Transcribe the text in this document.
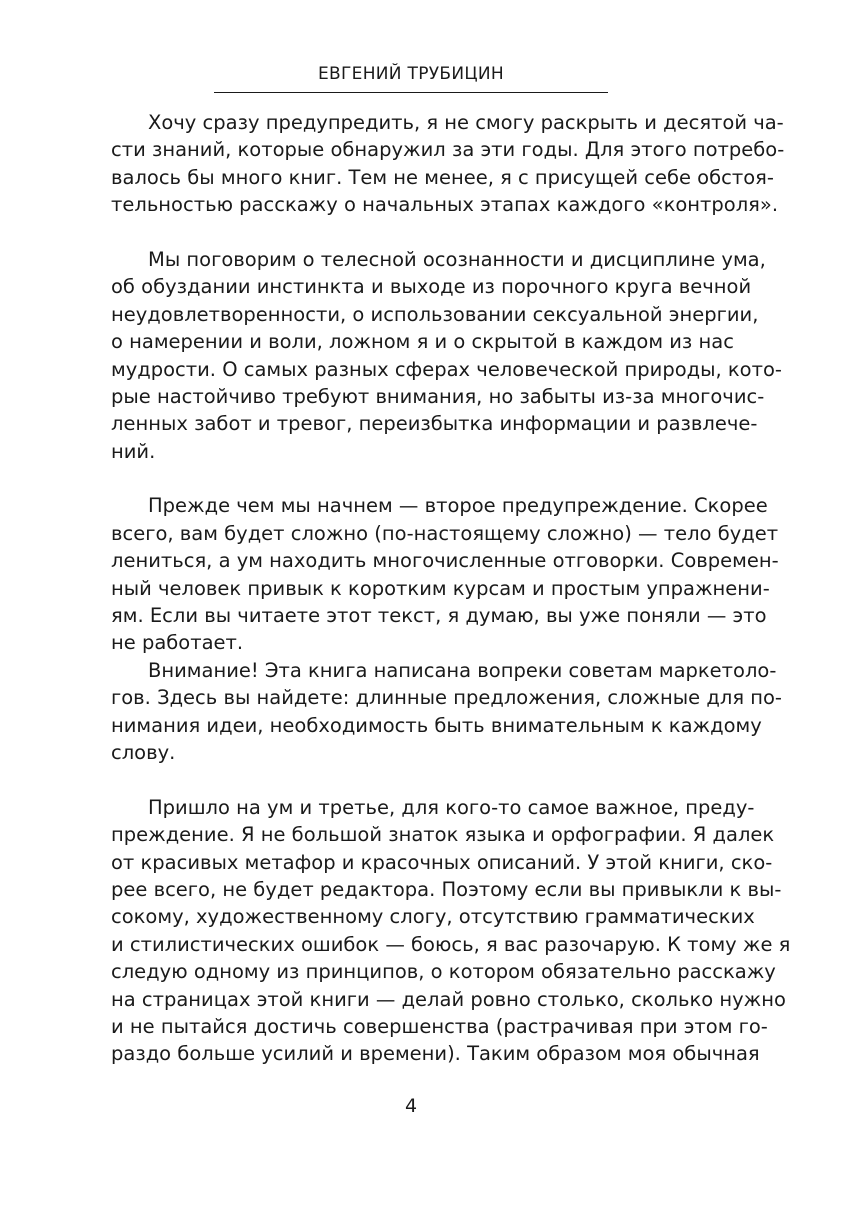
ЕВГЕНИЙ ТРУБИЦИН
Хочу сразу предупредить, я не смогу раскрыть и десятой ча-
сти знаний, которые обнаружил за эти годы. Для этого потребо-
валось бы много книг. Тем не менее, я с присущей себе обстоя-
тельностью расскажу о начальных этапах каждого «контроля».
Мы поговорим о телесной осознанности и дисциплине ума,
об обуздании инстинкта и выходе из порочного круга вечной
неудовлетворенности, о использовании сексуальной энергии,
о намерении и воли, ложном я и о скрытой в каждом из нас
мудрости. О самых разных сферах человеческой природы, кото-
рые настойчиво требуют внимания, но забыты из-за многочис-
ленных забот и тревог, переизбытка информации и развлече-
ний.
Прежде чем мы начнем — второе предупреждение. Скорее
всего, вам будет сложно (по-настоящему сложно) — тело будет
лениться, а ум находить многочисленные отговорки. Современ-
ный человек привык к коротким курсам и простым упражнени-
ям. Если вы читаете этот текст, я думаю, вы уже поняли — это
не работает.
Внимание! Эта книга написана вопреки советам маркетоло-
гов. Здесь вы найдете: длинные предложения, сложные для по-
нимания идеи, необходимость быть внимательным к каждому
слову.
Пришло на ум и третье, для кого-то самое важное, преду-
преждение. Я не большой знаток языка и орфографии. Я далек
от красивых метафор и красочных описаний. У этой книги, ско-
рее всего, не будет редактора. Поэтому если вы привыкли к вы-
сокому, художественному слогу, отсутствию грамматических
и стилистических ошибок — боюсь, я вас разочарую. К тому же я
следую одному из принципов, о котором обязательно расскажу
на страницах этой книги — делай ровно столько, сколько нужно
и не пытайся достичь совершенства (растрачивая при этом го-
раздо больше усилий и времени). Таким образом моя обычная
4
